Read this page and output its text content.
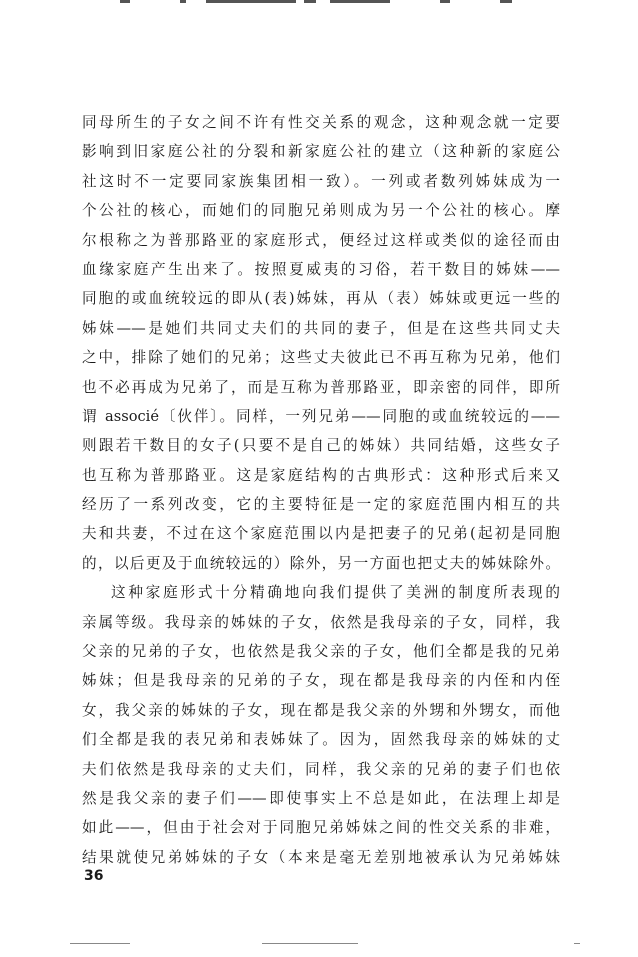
同母所生的子女之间不许有性交关系的观念，这种观念就一定要
影响到旧家庭公社的分裂和新家庭公社的建立（这种新的家庭公
社这时不一定要同家族集团相一致）。一列或者数列姊妹成为一
个公社的核心，而她们的同胞兄弟则成为另一个公社的核心。摩
尔根称之为普那路亚的家庭形式，便经过这样或类似的途径而由
血缘家庭产生出来了。按照夏威夷的习俗，若干数目的姊妹——
同胞的或血统较远的即从(表)姊妹，再从（表）姊妹或更远一些的
姊妹——是她们共同丈夫们的共同的妻子，但是在这些共同丈夫
之中，排除了她们的兄弟；这些丈夫彼此已不再互称为兄弟，他们
也不必再成为兄弟了，而是互称为普那路亚，即亲密的同伴，即所
谓 associé〔伙伴〕。同样，一列兄弟——同胞的或血统较远的——
则跟若干数目的女子(只要不是自己的姊妹）共同结婚，这些女子
也互称为普那路亚。这是家庭结构的古典形式：这种形式后来又
经历了一系列改变，它的主要特征是一定的家庭范围内相互的共
夫和共妻，不过在这个家庭范围以内是把妻子的兄弟(起初是同胞
的，以后更及于血统较远的）除外，另一方面也把丈夫的姊妹除外。
这种家庭形式十分精确地向我们提供了美洲的制度所表现的
亲属等级。我母亲的姊妹的子女，依然是我母亲的子女，同样，我
父亲的兄弟的子女，也依然是我父亲的子女，他们全都是我的兄弟
姊妹；但是我母亲的兄弟的子女，现在都是我母亲的内侄和内侄
女，我父亲的姊妹的子女，现在都是我父亲的外甥和外甥女，而他
们全都是我的表兄弟和表姊妹了。因为，固然我母亲的姊妹的丈
夫们依然是我母亲的丈夫们，同样，我父亲的兄弟的妻子们也依
然是我父亲的妻子们——即使事实上不总是如此，在法理上却是
如此——，但由于社会对于同胞兄弟姊妹之间的性交关系的非难，
结果就使兄弟姊妹的子女（本来是毫无差别地被承认为兄弟姊妹
36
